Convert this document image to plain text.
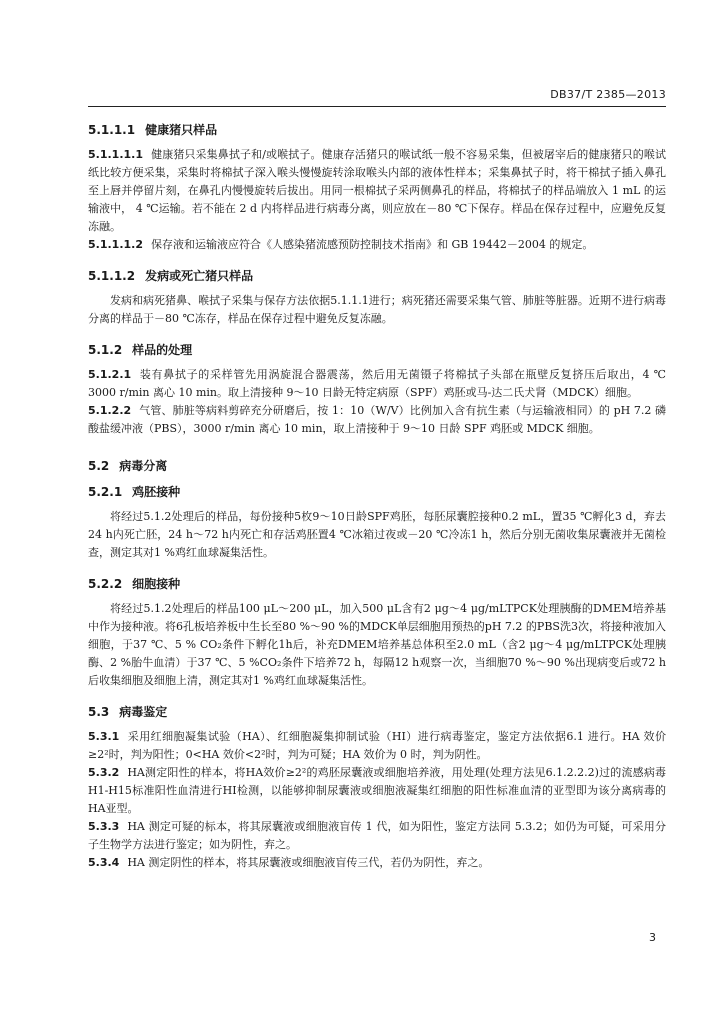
DB37/T 2385—2013
5.1.1.1 健康猪只样品

5.1.1.1.1 健康猪只采集鼻拭子和/或喉拭子。健康存活猪只的喉试纸一般不容易采集，但被屠宰后的健康猪只的喉试纸比较方便采集，采集时将棉拭子深入喉头慢慢旋转涂取喉头内部的液体性样本；采集鼻拭子时，将干棉拭子插入鼻孔至上唇并停留片刻，在鼻孔内慢慢旋转后拔出。用同一根棉拭子采两侧鼻孔的样品，将棉拭子的样品端放入 1 mL 的运输液中， 4 ℃运输。若不能在 2 d 内将样品进行病毒分离，则应放在－80 ℃下保存。样品在保存过程中，应避免反复冻融。

5.1.1.1.2 保存液和运输液应符合《人感染猪流感预防控制技术指南》和 GB 19442－2004 的规定。

5.1.1.2 发病或死亡猪只样品

发病和病死猪鼻、喉拭子采集与保存方法依据5.1.1.1进行；病死猪还需要采集气管、肺脏等脏器。近期不进行病毒分离的样品于－80 ℃冻存，样品在保存过程中避免反复冻融。

5.1.2 样品的处理

5.1.2.1 装有鼻拭子的采样管先用涡旋混合器震荡，然后用无菌镊子将棉拭子头部在瓶壁反复挤压后取出，4 ℃ 3000 r/min 离心 10 min。取上清接种 9～10 日龄无特定病原（SPF）鸡胚或马-达二氏犬肾（MDCK）细胞。

5.1.2.2 气管、肺脏等病料剪碎充分研磨后，按 1：10（W/V）比例加入含有抗生素（与运输液相同）的 pH 7.2 磷酸盐缓冲液（PBS），3000 r/min 离心 10 min，取上清接种于 9～10 日龄 SPF 鸡胚或 MDCK 细胞。

5.2 病毒分离
5.2.1 鸡胚接种

将经过5.1.2处理后的样品，每份接种5枚9～10日龄SPF鸡胚，每胚尿囊腔接种0.2 mL，置35 ℃孵化3 d，弃去24 h内死亡胚，24 h～72 h内死亡和存活鸡胚置4 ℃冰箱过夜或－20 ℃冷冻1 h，然后分别无菌收集尿囊液并无菌检查，测定其对1 %鸡红血球凝集活性。

5.2.2 细胞接种

将经过5.1.2处理后的样品100 μL～200 μL，加入500 μL含有2 μg～4 μg/mLTPCK处理胰酶的DMEM培养基中作为接种液。将6孔板培养板中生长至80 %～90 %的MDCK单层细胞用预热的pH 7.2 的PBS洗3次，将接种液加入细胞，于37 ℃、5 % CO₂条件下孵化1h后，补充DMEM培养基总体积至2.0 mL（含2 μg～4 μg/mLTPCK处理胰酶、2 %胎牛血清）于37 ℃、5 %CO₂条件下培养72 h，每隔12 h观察一次，当细胞70 %～90 %出现病变后或72 h后收集细胞及细胞上清，测定其对1 %鸡红血球凝集活性。

5.3 病毒鉴定

5.3.1 采用红细胞凝集试验（HA）、红细胞凝集抑制试验（HI）进行病毒鉴定，鉴定方法依据6.1 进行。HA 效价≥2²时，判为阳性；0<HA 效价<2²时，判为可疑；HA 效价为 0 时，判为阴性。

5.3.2 HA测定阳性的样本，将HA效价≥2²的鸡胚尿囊液或细胞培养液，用处理(处理方法见6.1.2.2.2)过的流感病毒H1-H15标准阳性血清进行HI检测，以能够抑制尿囊液或细胞液凝集红细胞的阳性标准血清的亚型即为该分离病毒的HA亚型。

5.3.3 HA 测定可疑的标本，将其尿囊液或细胞液盲传 1 代，如为阳性，鉴定方法同 5.3.2；如仍为可疑，可采用分子生物学方法进行鉴定；如为阴性，弃之。

5.3.4 HA 测定阴性的样本，将其尿囊液或细胞液盲传三代，若仍为阴性，弃之。

3
